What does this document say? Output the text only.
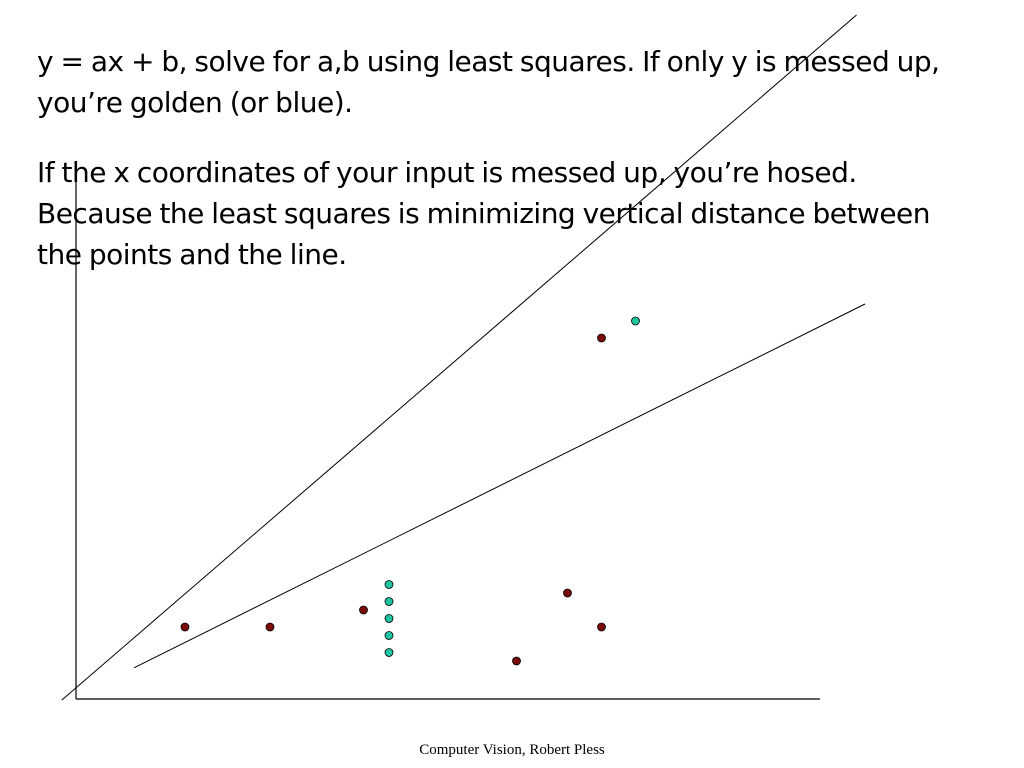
y = ax + b, solve for a,b using least squares. If only y is messed up, you’re golden (or blue).

If the x coordinates of your input is messed up, you’re hosed. Because the least squares is minimizing vertical distance between the points and the line.

Computer Vision, Robert Pless
